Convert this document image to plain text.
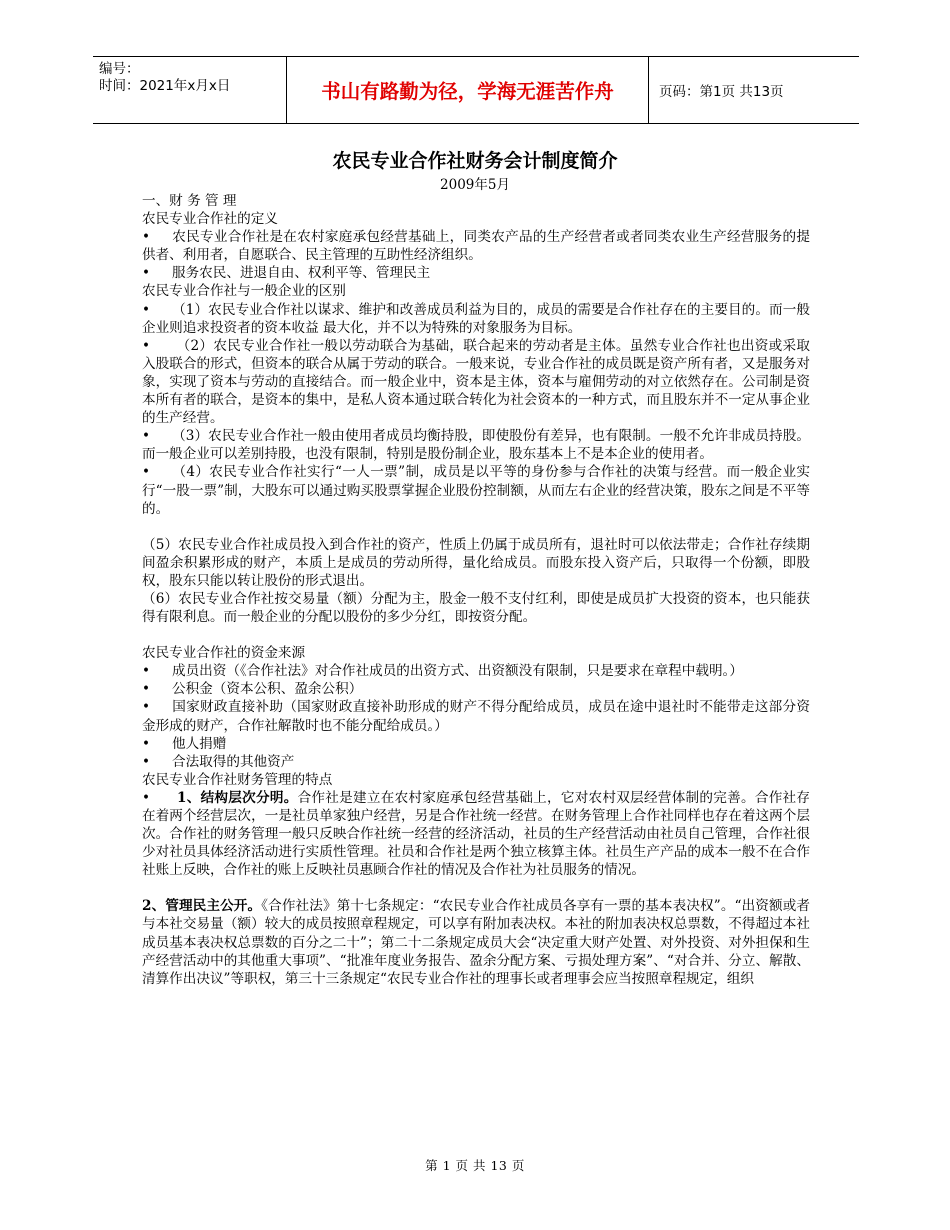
编号：
时间：2021年x月x日	书山有路勤为径，学海无涯苦作舟	页码：第1页 共13页
农民专业合作社财务会计制度简介
2009年5月

一、财 务 管 理

农民专业合作社的定义

• 农民专业合作社是在农村家庭承包经营基础上，同类农产品的生产经营者或者同类农业生产经营服务的提供者、利用者，自愿联合、民主管理的互助性经济组织。

• 服务农民、进退自由、权利平等、管理民主

农民专业合作社与一般企业的区别

• （1）农民专业合作社以谋求、维护和改善成员利益为目的，成员的需要是合作社存在的主要目的。而一般企业则追求投资者的资本收益 最大化，并不以为特殊的对象服务为目标。

• （2）农民专业合作社一般以劳动联合为基础，联合起来的劳动者是主体。虽然专业合作社也出资或采取入股联合的形式，但资本的联合从属于劳动的联合。一般来说，专业合作社的成员既是资产所有者，又是服务对象，实现了资本与劳动的直接结合。而一般企业中，资本是主体，资本与雇佣劳动的对立依然存在。公司制是资本所有者的联合，是资本的集中，是私人资本通过联合转化为社会资本的一种方式，而且股东并不一定从事企业的生产经营。

• （3）农民专业合作社一般由使用者成员均衡持股，即使股份有差异，也有限制。一般不允许非成员持股。而一般企业可以差别持股，也没有限制，特别是股份制企业，股东基本上不是本企业的使用者。

• （4）农民专业合作社实行“一人一票”制，成员是以平等的身份参与合作社的决策与经营。而一般企业实行“一股一票”制，大股东可以通过购买股票掌握企业股份控制额，从而左右企业的经营决策，股东之间是不平等的。

（5）农民专业合作社成员投入到合作社的资产，性质上仍属于成员所有，退社时可以依法带走；合作社存续期间盈余积累形成的财产，本质上是成员的劳动所得，量化给成员。而股东投入资产后，只取得一个份额，即股权，股东只能以转让股份的形式退出。

（6）农民专业合作社按交易量（额）分配为主，股金一般不支付红利，即使是成员扩大投资的资本，也只能获得有限利息。而一般企业的分配以股份的多少分红，即按资分配。

农民专业合作社的资金来源

• 成员出资（《合作社法》对合作社成员的出资方式、出资额没有限制，只是要求在章程中载明。）

• 公积金（资本公积、盈余公积）

• 国家财政直接补助（国家财政直接补助形成的财产不得分配给成员，成员在途中退社时不能带走这部分资金形成的财产，合作社解散时也不能分配给成员。）

• 他人捐赠

• 合法取得的其他资产

农民专业合作社财务管理的特点

• 1、结构层次分明。合作社是建立在农村家庭承包经营基础上，它对农村双层经营体制的完善。合作社存在着两个经营层次，一是社员单家独户经营，另是合作社统一经营。在财务管理上合作社同样也存在着这两个层次。合作社的财务管理一般只反映合作社统一经营的经济活动，社员的生产经营活动由社员自己管理，合作社很少对社员具体经济活动进行实质性管理。社员和合作社是两个独立核算主体。社员生产产品的成本一般不在合作社账上反映，合作社的账上反映社员惠顾合作社的情况及合作社为社员服务的情况。

2、管理民主公开。《合作社法》第十七条规定：“农民专业合作社成员各享有一票的基本表决权”。“出资额或者与本社交易量（额）较大的成员按照章程规定，可以享有附加表决权。本社的附加表决权总票数，不得超过本社成员基本表决权总票数的百分之二十”；第二十二条规定成员大会“决定重大财产处置、对外投资、对外担保和生产经营活动中的其他重大事项”、“批准年度业务报告、盈余分配方案、亏损处理方案”、“对合并、分立、解散、清算作出决议”等职权，第三十三条规定“农民专业合作社的理事长或者理事会应当按照章程规定，组织

第 1 页 共 13 页
